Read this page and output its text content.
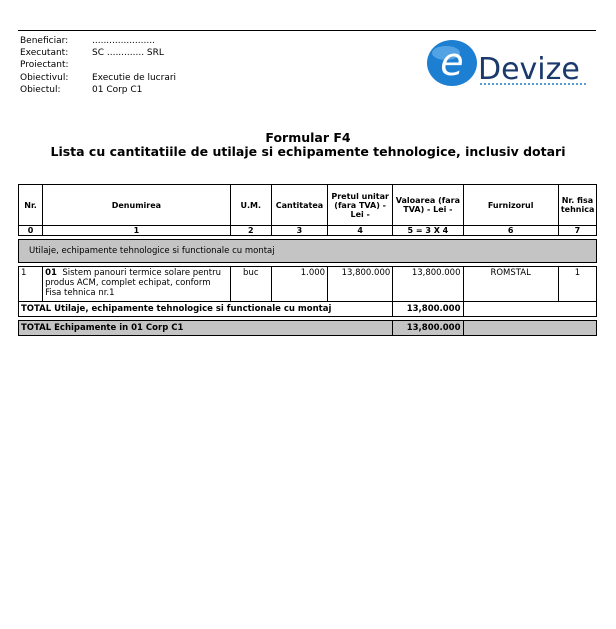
Beneficiar:	......................
Executant:	SC ............. SRL
Proiectant:
Obiectivul:	Executie de lucrari
Obiectul:	01 Corp C1
e Devize
Formular F4
Lista cu cantitatiile de utilaje si echipamente tehnologice, inclusiv dotari
Nr.	Denumirea	U.M.	Cantitatea	Pretul unitar (fara TVA) - Lei -	Valoarea (fara TVA) - Lei -	Furnizorul	Nr. fisa tehnica
0	1	2	3	4	5 = 3 X 4	6	7

Utilaje, echipamente tehnologice si functionale cu montaj							

1	01 Sistem panouri termice solare pentru produs ACM, complet echipat, conform Fisa tehnica nr.1	buc	1.000	13,800.000	13,800.000	ROMSTAL	1
TOTAL Utilaje, echipamente tehnologice si functionale cu montaj					13,800.000		

TOTAL Echipamente in 01 Corp C1					13,800.000		
